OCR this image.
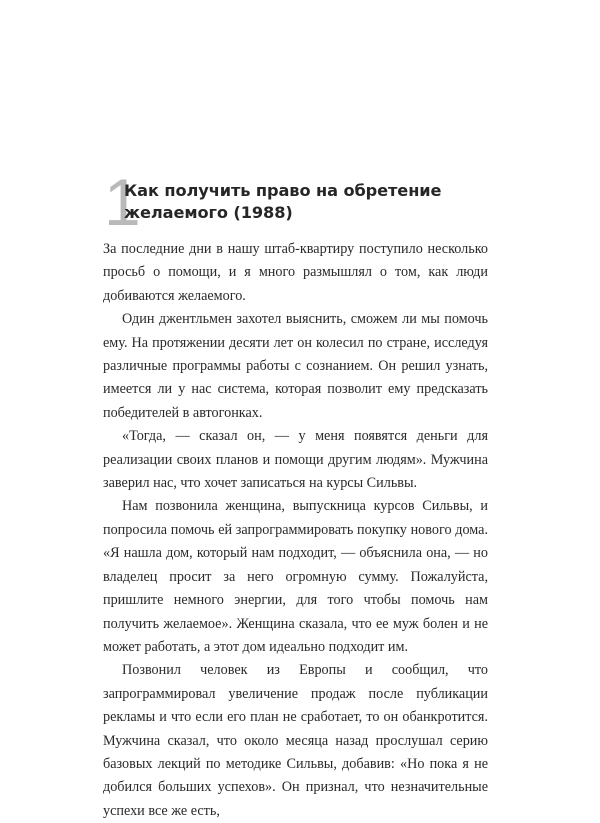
1
Как получить право на обретение желаемого (1988)

За последние дни в нашу штаб-квартиру поступило несколько просьб о помощи, и я много размышлял о том, как люди добиваются желаемого.

Один джентльмен захотел выяснить, сможем ли мы помочь ему. На протяжении десяти лет он колесил по стране, исследуя различные программы работы с сознанием. Он решил узнать, имеется ли у нас система, которая позволит ему предсказать победителей в автогонках.

«Тогда, — сказал он, — у меня появятся деньги для реализации своих планов и помощи другим людям». Мужчина заверил нас, что хочет записаться на курсы Сильвы.

Нам позвонила женщина, выпускница курсов Сильвы, и попросила помочь ей запрограммировать покупку нового дома. «Я нашла дом, который нам подходит, — объяснила она, — но владелец просит за него огромную сумму. Пожалуйста, пришлите немного энергии, для того чтобы помочь нам получить желаемое». Женщина сказала, что ее муж болен и не может работать, а этот дом идеально подходит им.

Позвонил человек из Европы и сообщил, что запрограммировал увеличение продаж после публикации рекламы и что если его план не сработает, то он обанкротится. Мужчина сказал, что около месяца назад прослушал серию базовых лекций по методике Сильвы, добавив: «Но пока я не добился больших успехов». Он признал, что незначительные успехи все же есть,
